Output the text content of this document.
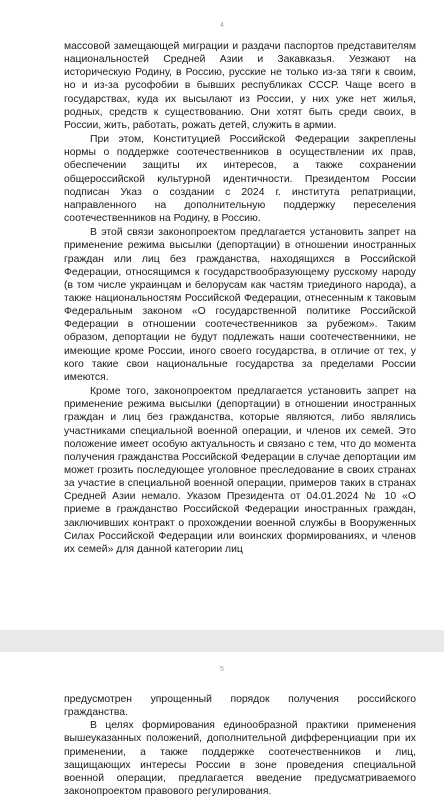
4

массовой замещающей миграции и раздачи паспортов представителям национальностей Средней Азии и Закавказья. Уезжают на историческую Родину, в Россию, русские не только из-за тяги к своим, но и из-за русофобии в бывших республиках СССР. Чаще всего в государствах, куда их высылают из России, у них уже нет жилья, родных, средств к существованию. Они хотят быть среди своих, в России, жить, работать, рожать детей, служить в армии.

При этом, Конституцией Российской Федерации закреплены нормы о поддержке соотечественников в осуществлении их прав, обеспечении защиты их интересов, а также сохранении общероссийской культурной идентичности. Президентом России подписан Указ о создании с 2024 г. института репатриации, направленного на дополнительную поддержку переселения соотечественников на Родину, в Россию.

В этой связи законопроектом предлагается установить запрет на применение режима высылки (депортации) в отношении иностранных граждан или лиц без гражданства, находящихся в Российской Федерации, относящимся к государствообразующему русскому народу (в том числе украинцам и белорусам как частям триединого народа), а также национальностям Российской Федерации, отнесенным к таковым Федеральным законом «О государственной политике Российской Федерации в отношении соотечественников за рубежом». Таким образом, депортации не будут подлежать наши соотечественники, не имеющие кроме России, иного своего государства, в отличие от тех, у кого такие свои национальные государства за пределами России имеются.

Кроме того, законопроектом предлагается установить запрет на применение режима высылки (депортации) в отношении иностранных граждан и лиц без гражданства, которые являются, либо являлись участниками специальной военной операции, и членов их семей. Это положение имеет особую актуальность и связано с тем, что до момента получения гражданства Российской Федерации в случае депортации им может грозить последующее уголовное преследование в своих странах за участие в специальной военной операции, примеров таких в странах Средней Азии немало. Указом Президента от 04.01.2024 № 10 «О приеме в гражданство Российской Федерации иностранных граждан, заключивших контракт о прохождении военной службы в Вооруженных Силах Российской Федерации или воинских формированиях, и членов их семей» для данной категории лиц

5

предусмотрен упрощенный порядок получения российского гражданства.

В целях формирования единообразной практики применения вышеуказанных положений, дополнительной дифференциации при их применении, а также поддержке соотечественников и лиц, защищающих интересы России в зоне проведения специальной военной операции, предлагается введение предусматриваемого законопроектом правового регулирования.
